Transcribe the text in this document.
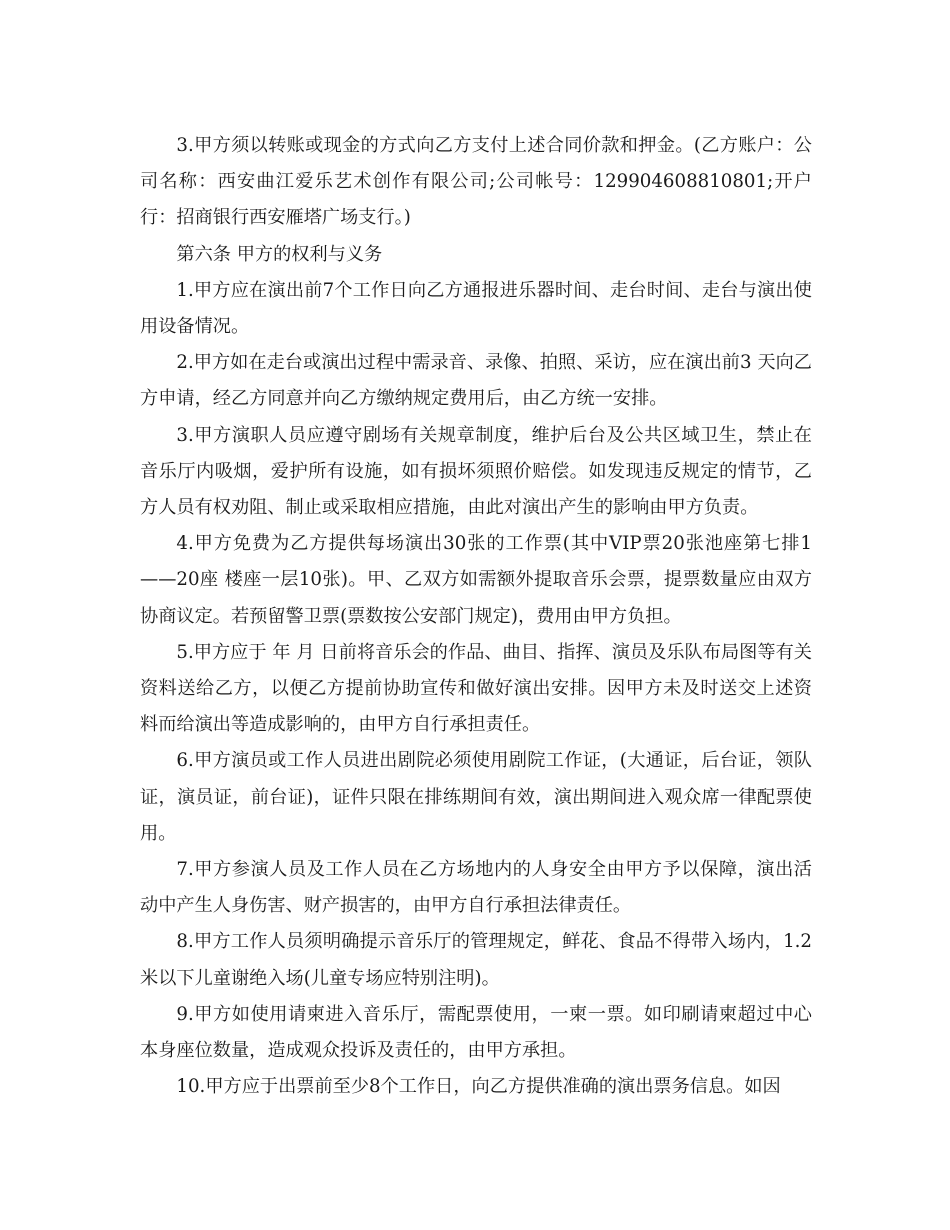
3.甲方须以转账或现金的方式向乙方支付上述合同价款和押金。(乙方账户：公司名称：西安曲江爱乐艺术创作有限公司;公司帐号：129904608810801;开户行：招商银行西安雁塔广场支行。)

第六条 甲方的权利与义务

1.甲方应在演出前7个工作日向乙方通报进乐器时间、走台时间、走台与演出使用设备情况。

2.甲方如在走台或演出过程中需录音、录像、拍照、采访，应在演出前3 天向乙方申请，经乙方同意并向乙方缴纳规定费用后，由乙方统一安排。

3.甲方演职人员应遵守剧场有关规章制度，维护后台及公共区域卫生，禁止在音乐厅内吸烟，爱护所有设施，如有损坏须照价赔偿。如发现违反规定的情节，乙方人员有权劝阻、制止或采取相应措施，由此对演出产生的影响由甲方负责。

4.甲方免费为乙方提供每场演出30张的工作票(其中VIP票20张池座第七排1——20座 楼座一层10张)。甲、乙双方如需额外提取音乐会票，提票数量应由双方协商议定。若预留警卫票(票数按公安部门规定)，费用由甲方负担。

5.甲方应于 年 月 日前将音乐会的作品、曲目、指挥、演员及乐队布局图等有关资料送给乙方，以便乙方提前协助宣传和做好演出安排。因甲方未及时送交上述资料而给演出等造成影响的，由甲方自行承担责任。

6.甲方演员或工作人员进出剧院必须使用剧院工作证，(大通证，后台证，领队证，演员证，前台证)，证件只限在排练期间有效，演出期间进入观众席一律配票使用。

7.甲方参演人员及工作人员在乙方场地内的人身安全由甲方予以保障，演出活动中产生人身伤害、财产损害的，由甲方自行承担法律责任。

8.甲方工作人员须明确提示音乐厅的管理规定，鲜花、食品不得带入场内，1.2米以下儿童谢绝入场(儿童专场应特别注明)。

9.甲方如使用请柬进入音乐厅，需配票使用，一柬一票。如印刷请柬超过中心本身座位数量，造成观众投诉及责任的，由甲方承担。

10.甲方应于出票前至少8个工作日，向乙方提供准确的演出票务信息。如因
